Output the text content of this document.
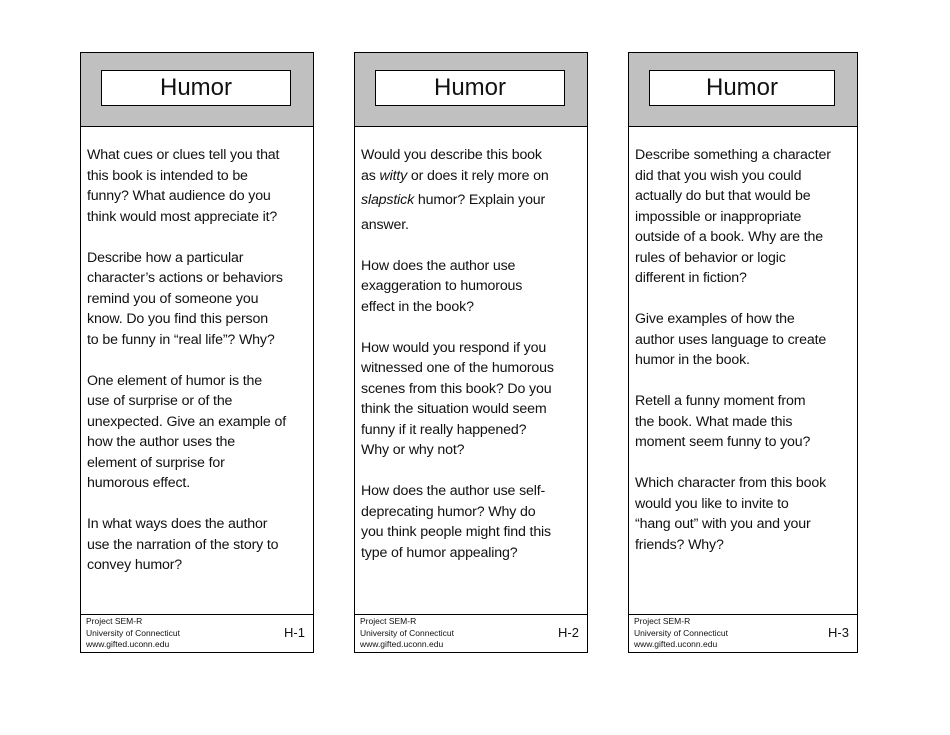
Humor
What cues or clues tell you that
this book is intended to be
funny? What audience do you
think would most appreciate it?
Describe how a particular
character’s actions or behaviors
remind you of someone you
know. Do you find this person
to be funny in “real life”? Why?
One element of humor is the
use of surprise or of the
unexpected. Give an example of
how the author uses the
element of surprise for
humorous effect.
In what ways does the author
use the narration of the story to
convey humor?
Project SEM-R
University of Connecticut
www.gifted.uconn.edu
H-1
Humor
Would you describe this book
as witty or does it rely more on
slapstick humor? Explain your
answer.
How does the author use
exaggeration to humorous
effect in the book?
How would you respond if you
witnessed one of the humorous
scenes from this book? Do you
think the situation would seem
funny if it really happened?
Why or why not?
How does the author use self-
deprecating humor? Why do
you think people might find this
type of humor appealing?
Project SEM-R
University of Connecticut
www.gifted.uconn.edu
H-2
Humor
Describe something a character
did that you wish you could
actually do but that would be
impossible or inappropriate
outside of a book. Why are the
rules of behavior or logic
different in fiction?
Give examples of how the
author uses language to create
humor in the book.
Retell a funny moment from
the book. What made this
moment seem funny to you?
Which character from this book
would you like to invite to
“hang out” with you and your
friends? Why?
Project SEM-R
University of Connecticut
www.gifted.uconn.edu
H-3
